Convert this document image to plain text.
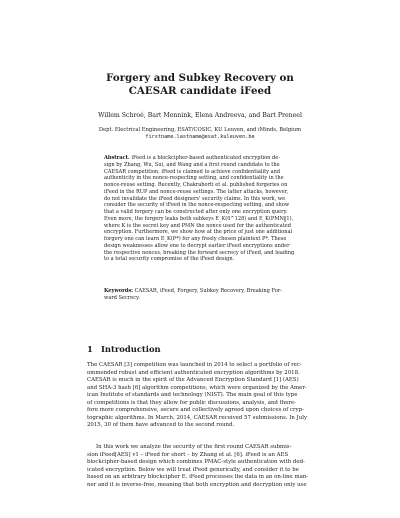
Forgery and Subkey Recovery on
CAESAR candidate iFeed
Willem Schroé, Bart Mennink, Elena Andreeva, and Bart Preneel
Dept. Electrical Engineering, ESAT/COSIC, KU Leuven, and iMinds, Belgium
firstname.lastname@esat.kuleuven.be
Abstract. iFeed is a blockcipher-based authenticated encryption de-
sign by Zhang, Wu, Sui, and Wang and a first round candidate to the
CAESAR competition. iFeed is claimed to achieve confidentiality and
authenticity in the nonce-respecting setting, and confidentiality in the
nonce-reuse setting. Recently, Chakraborti et al. published forgeries on
iFeed in the RUP and nonce-reuse settings. The latter attacks, however,
do not invalidate the iFeed designers' security claims. In this work, we
consider the security of iFeed in the nonce-respecting setting, and show
that a valid forgery can be constructed after only one encryption query.
Even more, the forgery leaks both subkeys E_K(0^128) and E_K(PMN‖1),
where K is the secret key and PMN the nonce used for the authenticated
encryption. Furthermore, we show how at the price of just one additional
forgery one can learn E_K(P*) for any freely chosen plaintext P*. These
design weaknesses allow one to decrypt earlier iFeed encryptions under
the respective nonces, breaking the forward secrecy of iFeed, and leading
to a total security compromise of the iFeed design.
Keywords: CAESAR, iFeed, Forgery, Subkey Recovery, Breaking For-
ward Secrecy.
1 Introduction
The CAESAR [3] competition was launched in 2014 to select a portfolio of rec-
ommended robust and efficient authenticated encryption algorithms by 2018.
CAESAR is much in the spirit of the Advanced Encryption Standard [1] (AES)
and SHA-3 hash [6] algorithm competitions, which were organized by the Amer-
ican Institute of standards and technology (NIST). The main goal of this type
of competitions is that they allow for public discussions, analysis, and there-
fore more comprehensive, secure and collectively agreed upon choices of cryp-
tographic algorithms. In March, 2014, CAESAR received 57 submissions. In July
2015, 30 of them have advanced to the second round.
In this work we analyze the security of the first round CAESAR submis-
sion iFeed[AES] v1 – iFeed for short – by Zhang et al. [6]. iFeed is an AES
blockcipher-based design which combines PMAC-style authentication with ded-
icated encryption. Below we will treat iFeed generically, and consider it to be
based on an arbitrary blockcipher E. iFeed processes the data in an on-line man-
ner and it is inverse-free, meaning that both encryption and decryption only use
